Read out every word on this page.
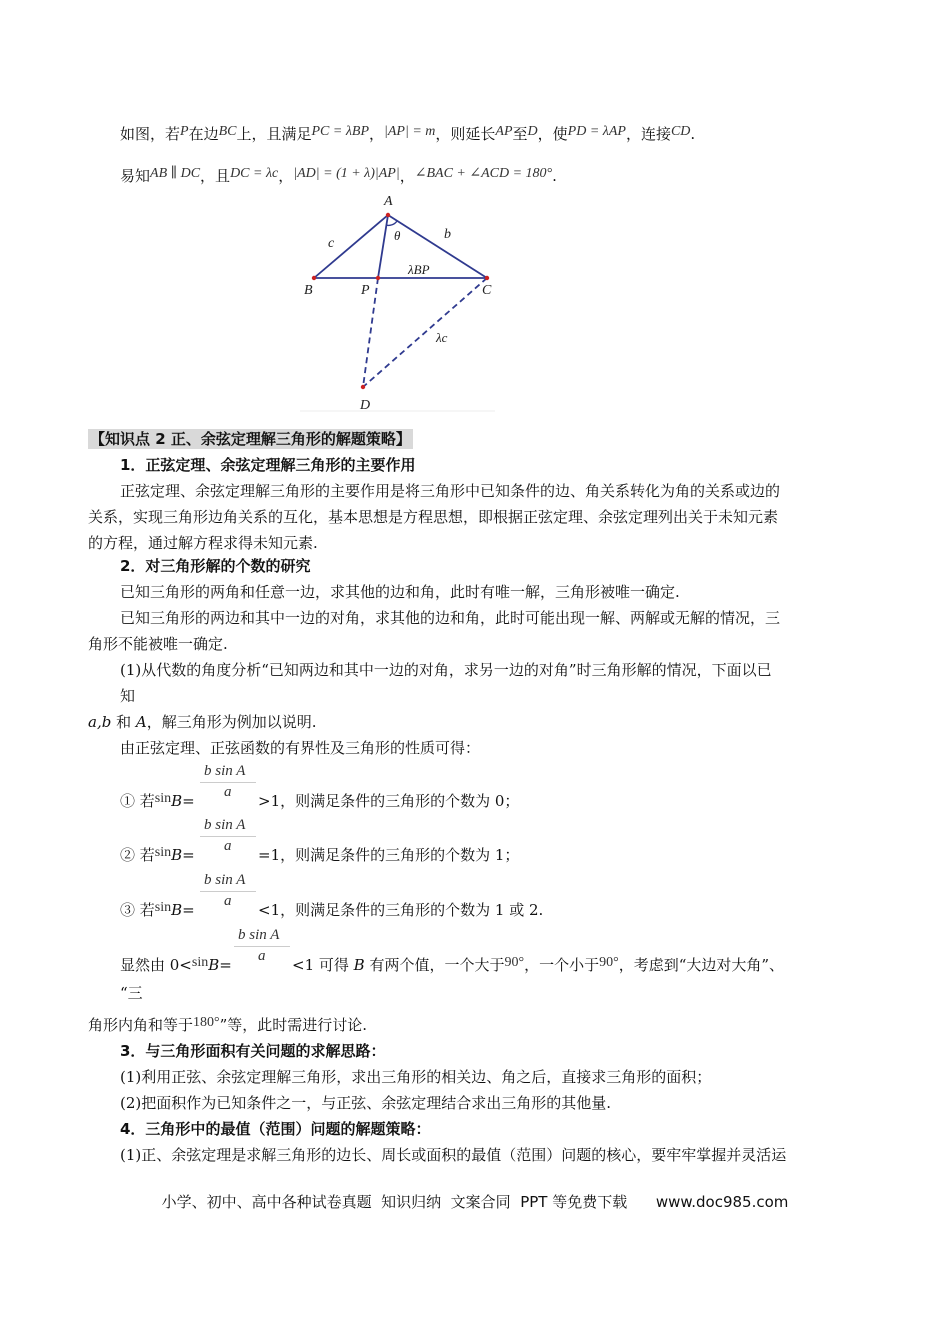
如图，若P在边BC上，且满足PC = λBP，|AP| = m，则延长AP至D，使PD = λAP，连接CD.
易知AB ∥ DC，且DC = λc，|AD| = (1 + λ)|AP|，∠BAC + ∠ACD = 180°.
A
B	C
P
D
c
b
θ
λBP
λc
【知识点 2 正、余弦定理解三角形的解题策略】
1．正弦定理、余弦定理解三角形的主要作用
正弦定理、余弦定理解三角形的主要作用是将三角形中已知条件的边、角关系转化为角的关系或边的
关系，实现三角形边角关系的互化，基本思想是方程思想，即根据正弦定理、余弦定理列出关于未知元素
的方程，通过解方程求得未知元素.
2．对三角形解的个数的研究
已知三角形的两角和任意一边，求其他的边和角，此时有唯一解，三角形被唯一确定.
已知三角形的两边和其中一边的对角，求其他的边和角，此时可能出现一解、两解或无解的情况，三
角形不能被唯一确定.
(1)从代数的角度分析“已知两边和其中一边的对角，求另一边的对角”时三角形解的情况，下面以已
知
a,b 和 A，解三角形为例加以说明.
由正弦定理、正弦函数的有界性及三角形的性质可得：
b sin A
a
① 若sinB=	>1，则满足条件的三角形的个数为 0；
b sin A
a
② 若sinB=	=1，则满足条件的三角形的个数为 1；
b sin A
a
③ 若sinB=	<1，则满足条件的三角形的个数为 1 或 2.
b sin A
a
显然由 0<sinB=	<1 可得 B 有两个值，一个大于90°，一个小于90°，考虑到“大边对大角”、
“三
角形内角和等于180°”等，此时需进行讨论.
3．与三角形面积有关问题的求解思路：
(1)利用正弦、余弦定理解三角形，求出三角形的相关边、角之后，直接求三角形的面积；
(2)把面积作为已知条件之一，与正弦、余弦定理结合求出三角形的其他量.
4．三角形中的最值（范围）问题的解题策略：
(1)正、余弦定理是求解三角形的边长、周长或面积的最值（范围）问题的核心，要牢牢掌握并灵活运
小学、初中、高中各种试卷真题  知识归纳  文案合同  PPT 等免费下载      www.doc985.com
